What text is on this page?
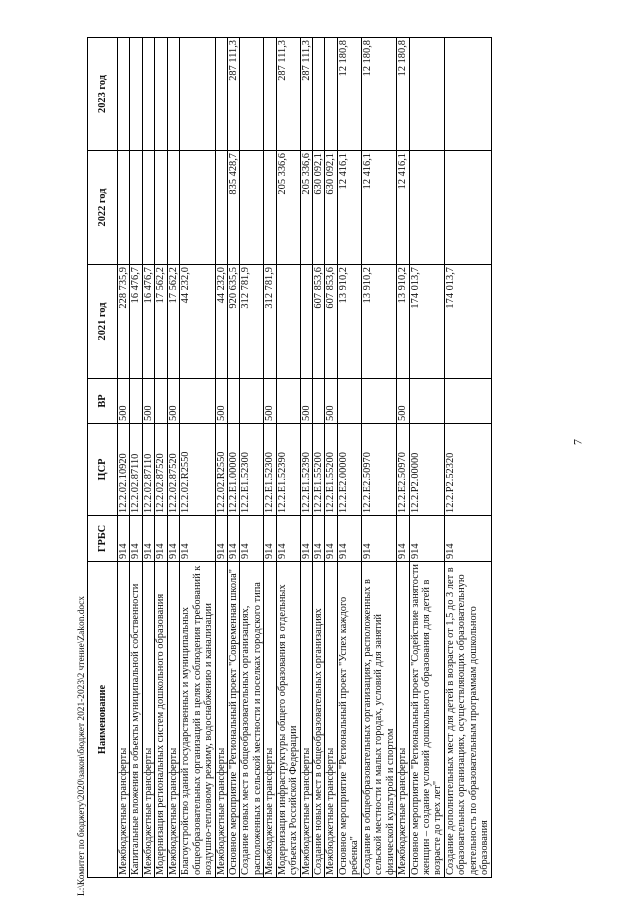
7
Наименование	ГРБС	ЦСР	ВР	2021 год	2022 год	2023 год
Межбюджетные трансферты	914	12.2.02.10920	500	228 735,9		
Капитальные вложения в объекты муниципальной собственности	914	12.2.02.87110		16 476,7		
Межбюджетные трансферты	914	12.2.02.87110	500	16 476,7		
Модернизация региональных систем дошкольного образования	914	12.2.02.87520		17 562,2		
Межбюджетные трансферты	914	12.2.02.87520	500	17 562,2		
Благоустройство зданий государственных и муниципальных общеобразовательных организаций в целях соблюдения требований к воздушно-тепловому режиму, водоснабжению и канализации	914	12.2.02.R2550		44 232,0		
Межбюджетные трансферты	914	12.2.02.R2550	500	44 232,0		
Основное мероприятие "Региональный проект "Современная школа"	914	12.2.E1.00000		920 635,5	835 428,7	287 111,3
Создание новых мест в общеобразовательных организациях, расположенных в сельской местности и поселках городского типа	914	12.2.E1.52300		312 781,9		
Межбюджетные трансферты	914	12.2.E1.52300	500	312 781,9		
Модернизация инфраструктуры общего образования в отдельных субъектах Российской Федерации	914	12.2.E1.52390			205 336,6	287 111,3
Межбюджетные трансферты	914	12.2.E1.52390	500		205 336,6	287 111,3
Создание новых мест в общеобразовательных организациях	914	12.2.E1.55200		607 853,6	630 092,1	
Межбюджетные трансферты	914	12.2.E1.55200	500	607 853,6	630 092,1	
Основное мероприятие "Региональный проект "Успех каждого ребенка"	914	12.2.E2.00000		13 910,2	12 416,1	12 180,8
Создание в общеобразовательных организациях, расположенных в сельской местности и малых городах, условий для занятий физической культурой и спортом	914	12.2.E2.50970		13 910,2	12 416,1	12 180,8
Межбюджетные трансферты	914	12.2.E2.50970	500	13 910,2	12 416,1	12 180,8
Основное мероприятие "Региональный проект "Содействие занятости женщин – создание условий дошкольного образования для детей в возрасте до трех лет"	914	12.2.P2.00000		174 013,7		
Создание дополнительных мест для детей в возрасте от 1,5 до 3 лет в образовательных организациях, осуществляющих образовательную деятельность по образовательным программам дошкольного образования	914	12.2.P2.52320		174 013,7		
L:\Комитет по бюджету\2020\закон\бюджет 2021-2023\2 чтение\Zakon.docx
